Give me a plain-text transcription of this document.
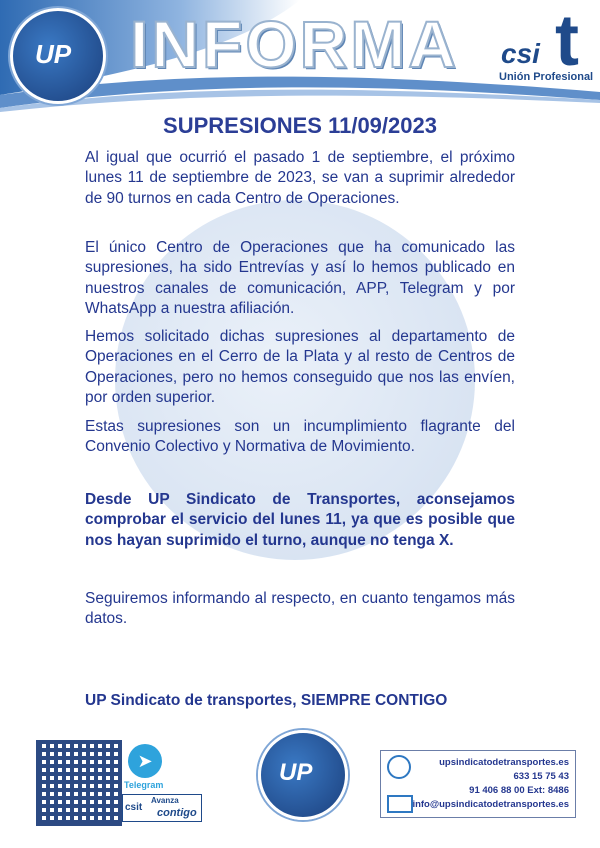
UP INFORMA csi t
Unión Profesional
SUPRESIONES 11/09/2023

Al igual que ocurrió el pasado 1 de septiembre, el próximo lunes 11 de septiembre de 2023, se van a suprimir alrededor de 90 turnos en cada Centro de Operaciones.

El único Centro de Operaciones que ha comunicado las supresiones, ha sido Entrevías y así lo hemos publicado en nuestros canales de comunicación, APP, Telegram y por WhatsApp a nuestra afiliación.

Hemos solicitado dichas supresiones al departamento de Operaciones en el Cerro de la Plata y al resto de Centros de Operaciones, pero no hemos conseguido que nos las envíen, por orden superior.

Estas supresiones son un incumplimiento flagrante del Convenio Colectivo y Normativa de Movimiento.

Desde UP Sindicato de Transportes, aconsejamos comprobar el servicio del lunes 11, ya que es posible que nos hayan suprimido el turno, aunque no tenga X.

Seguiremos informando al respecto, en cuanto tengamos más datos.

UP Sindicato de transportes, SIEMPRE CONTIGO

➤
Telegram
csit
Avanza
contigo
UP	upsindicatodetransportes.es
633 15 75 43
91 406 88 00 Ext: 8486
info@upsindicatodetransportes.es
